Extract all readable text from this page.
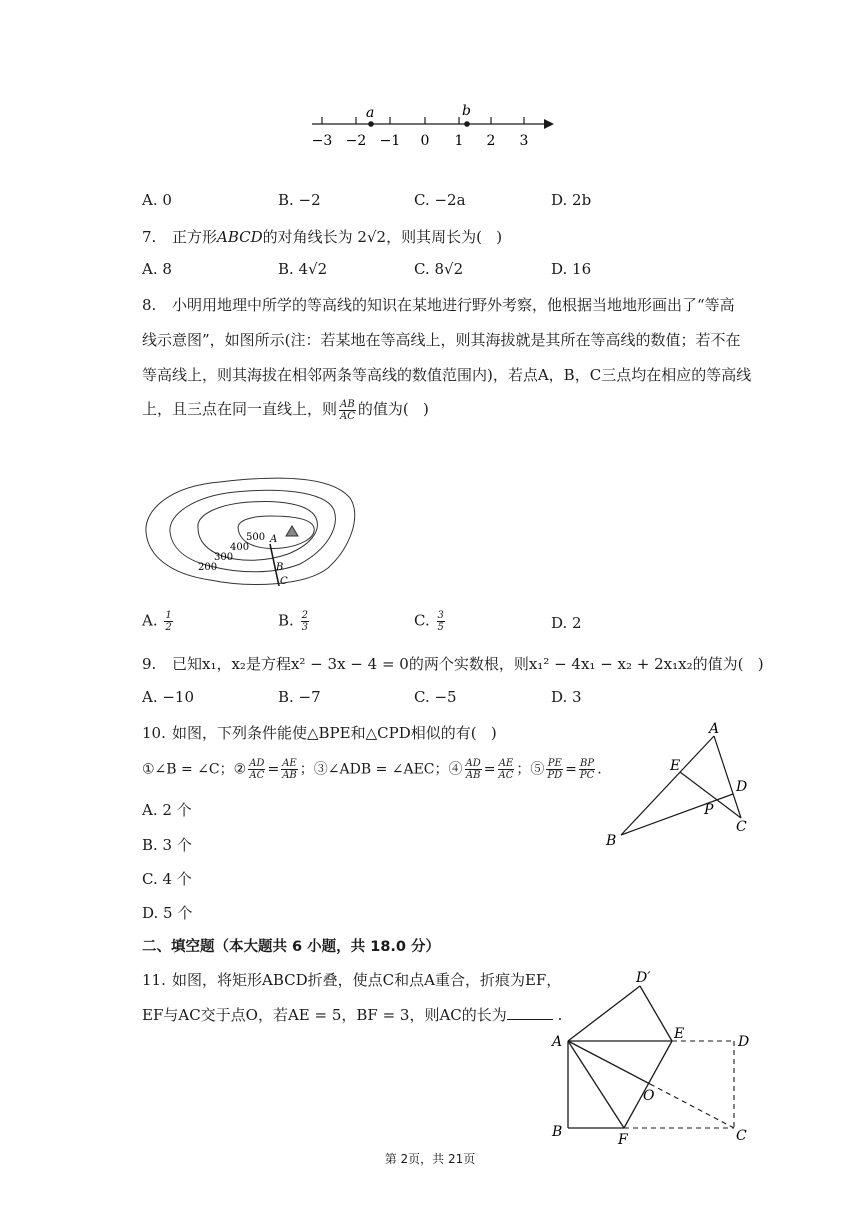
a	b
−3 −2 −1 0 1 2 3
A. 0	B. −2	C. −2a	D. 2b
7. 正方形ABCD的对角线长为 2√2，则其周长为(   )
A. 8	B. 4√2	C. 8√2	D. 16
8. 小明用地理中所学的等高线的知识在某地进行野外考察，他根据当地地形画出了“等高
线示意图”，如图所示(注：若某地在等高线上，则其海拔就是其所在等高线的数值；若不在
等高线上，则其海拔在相邻两条等高线的数值范围内)，若点A，B，C三点均在相应的等高线
上，且三点在同一直线上，则 $\frac{AB}{AC}$ 的值为(   )
500
400
300
200
A
B
C
A. $\frac{1}{2}$	B. $\frac{2}{3}$	C. $\frac{3}{5}$	D. 2
9. 已知x₁，x₂是方程x² − 3x − 4 = 0的两个实数根，则x₁² − 4x₁ − x₂ + 2x₁x₂的值为(   )
A. −10	B. −7	C. −5	D. 3
10. 如图，下列条件能使△BPE和△CPD相似的有(   )
①∠B = ∠C；② $\frac{AD}{AC} = \frac{AE}{AB}$ ；③∠ADB = ∠AEC；④ $\frac{AD}{AB} = \frac{AE}{AC}$ ；⑤ $\frac{PE}{PD} = \frac{BP}{PC}$ .
A. 2 个
B. 3 个
C. 4 个
D. 5 个
A
E
D
P
C
B
二、填空题（本大题共 6 小题，共 18.0 分）
11. 如图，将矩形ABCD折叠，使点C和点A重合，折痕为EF，
EF与AC交于点O，若AE = 5，BF = 3，则AC的长为	.
D′
A	E	D
O
B	F	C
第 2页，共 21页
